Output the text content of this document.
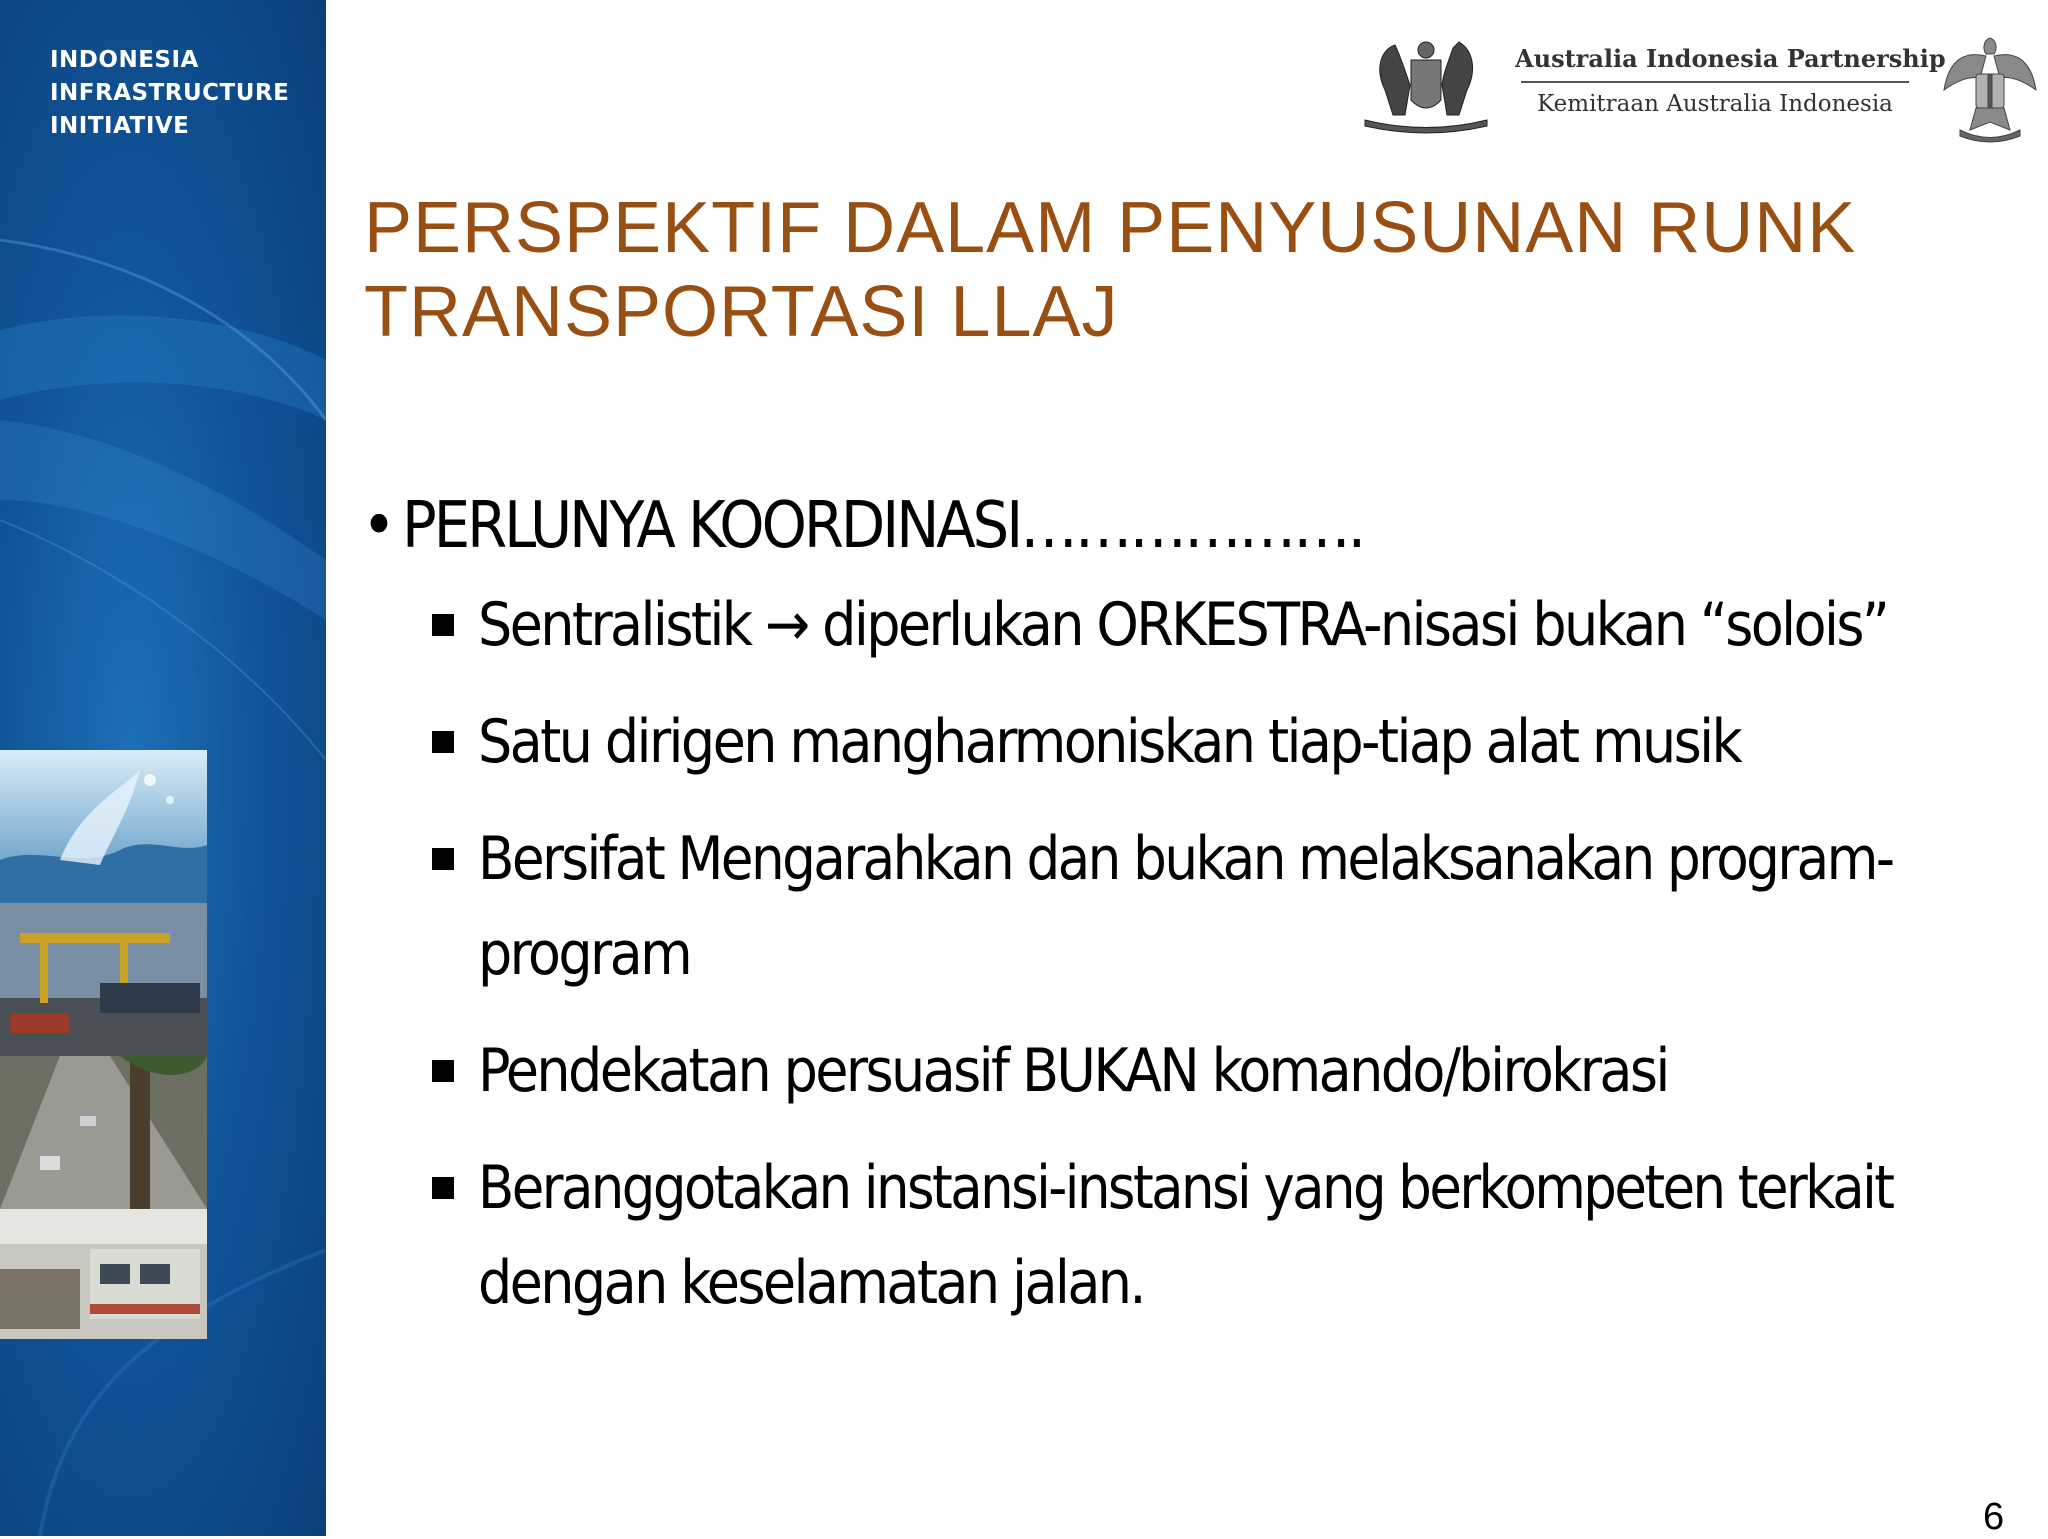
INDONESIA
INFRASTRUCTURE
INITIATIVE
Australia Indonesia Partnership
Kemitraan Australia Indonesia
PERSPEKTIF DALAM PENYUSUNAN RUNK
TRANSPORTASI LLAJ
• PERLUNYA KOORDINASI……………….
Sentralistik → diperlukan ORKESTRA-nisasi bukan “solois”
Satu dirigen mangharmoniskan tiap-tiap alat musik
Bersifat Mengarahkan dan bukan melaksanakan program-
program
Pendekatan persuasif BUKAN komando/birokrasi
Beranggotakan instansi-instansi yang berkompeten terkait
dengan keselamatan jalan.
6
